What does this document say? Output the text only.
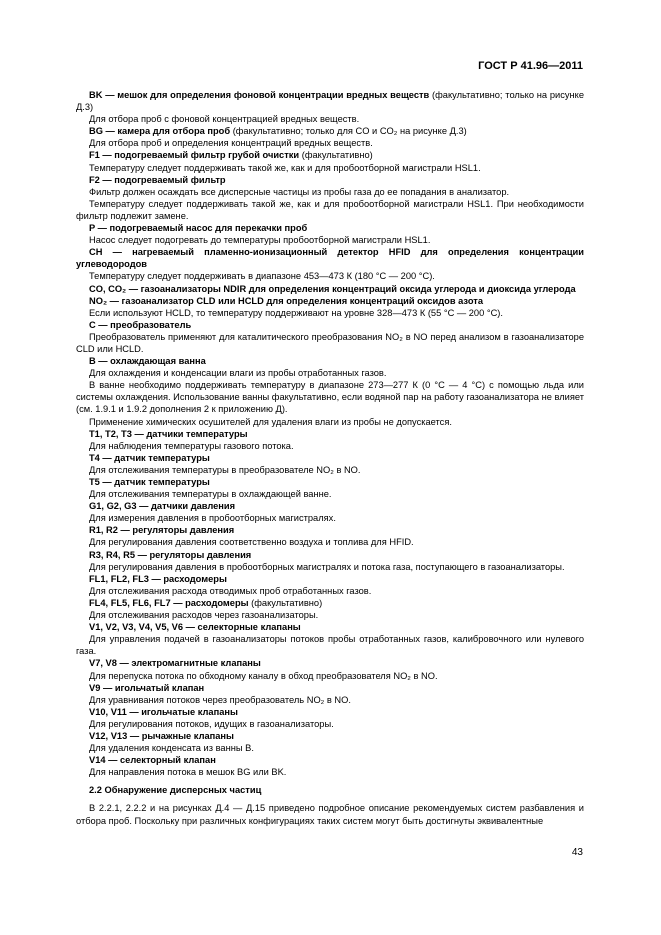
ГОСТ Р 41.96—2011

BK — мешок для определения фоновой концентрации вредных веществ (факультативно; только на рисунке Д.3)

Для отбора проб с фоновой концентрацией вредных веществ.

BG — камера для отбора проб (факультативно; только для CO и CO₂ на рисунке Д.3)

Для отбора проб и определения концентраций вредных веществ.

F1 — подогреваемый фильтр грубой очистки (факультативно)

Температуру следует поддерживать такой же, как и для пробоотборной магистрали HSL1.

F2 — подогреваемый фильтр

Фильтр должен осаждать все дисперсные частицы из пробы газа до ее попадания в анализатор.

Температуру следует поддерживать такой же, как и для пробоотборной магистрали HSL1. При необходимости фильтр подлежит замене.

P — подогреваемый насос для перекачки проб

Насос следует подогревать до температуры пробоотборной магистрали HSL1.

CH — нагреваемый пламенно-ионизационный детектор HFID для определения концентрации углеводородов

Температуру следует поддерживать в диапазоне 453—473 К (180 °С — 200 °С).

CO, CO₂ — газоанализаторы NDIR для определения концентраций оксида углерода и диоксида углерода

NO₂ — газоанализатор CLD или HCLD для определения концентраций оксидов азота

Если используют HCLD, то температуру поддерживают на уровне 328—473 К (55 °С — 200 °С).

C — преобразователь

Преобразователь применяют для каталитического преобразования NO₂ в NO перед анализом в газоанализаторе CLD или HCLD.

B — охлаждающая ванна

Для охлаждения и конденсации влаги из пробы отработанных газов.

В ванне необходимо поддерживать температуру в диапазоне 273—277 К (0 °С — 4 °С) с помощью льда или системы охлаждения. Использование ванны факультативно, если водяной пар на работу газоанализатора не влияет (см. 1.9.1 и 1.9.2 дополнения 2 к приложению Д).

Применение химических осушителей для удаления влаги из пробы не допускается.

T1, T2, T3 — датчики температуры

Для наблюдения температуры газового потока.

T4 — датчик температуры

Для отслеживания температуры в преобразователе NO₂ в NO.

T5 — датчик температуры

Для отслеживания температуры в охлаждающей ванне.

G1, G2, G3 — датчики давления

Для измерения давления в пробоотборных магистралях.

R1, R2 — регуляторы давления

Для регулирования давления соответственно воздуха и топлива для HFID.

R3, R4, R5 — регуляторы давления

Для регулирования давления в пробоотборных магистралях и потока газа, поступающего в газоанализаторы.

FL1, FL2, FL3 — расходомеры

Для отслеживания расхода отводимых проб отработанных газов.

FL4, FL5, FL6, FL7 — расходомеры (факультативно)

Для отслеживания расходов через газоанализаторы.

V1, V2, V3, V4, V5, V6 — селекторные клапаны

Для управления подачей в газоанализаторы потоков пробы отработанных газов, калибровочного или нулевого газа.

V7, V8 — электромагнитные клапаны

Для перепуска потока по обходному каналу в обход преобразователя NO₂ в NO.

V9 — игольчатый клапан

Для уравнивания потоков через преобразователь NO₂ в NO.

V10, V11 — игольчатые клапаны

Для регулирования потоков, идущих в газоанализаторы.

V12, V13 — рычажные клапаны

Для удаления конденсата из ванны B.

V14 — селекторный клапан

Для направления потока в мешок BG или BK.

2.2 Обнаружение дисперсных частиц

В 2.2.1, 2.2.2 и на рисунках Д.4 — Д.15 приведено подробное описание рекомендуемых систем разбавления и отбора проб. Поскольку при различных конфигурациях таких систем могут быть достигнуты эквивалентные

43
